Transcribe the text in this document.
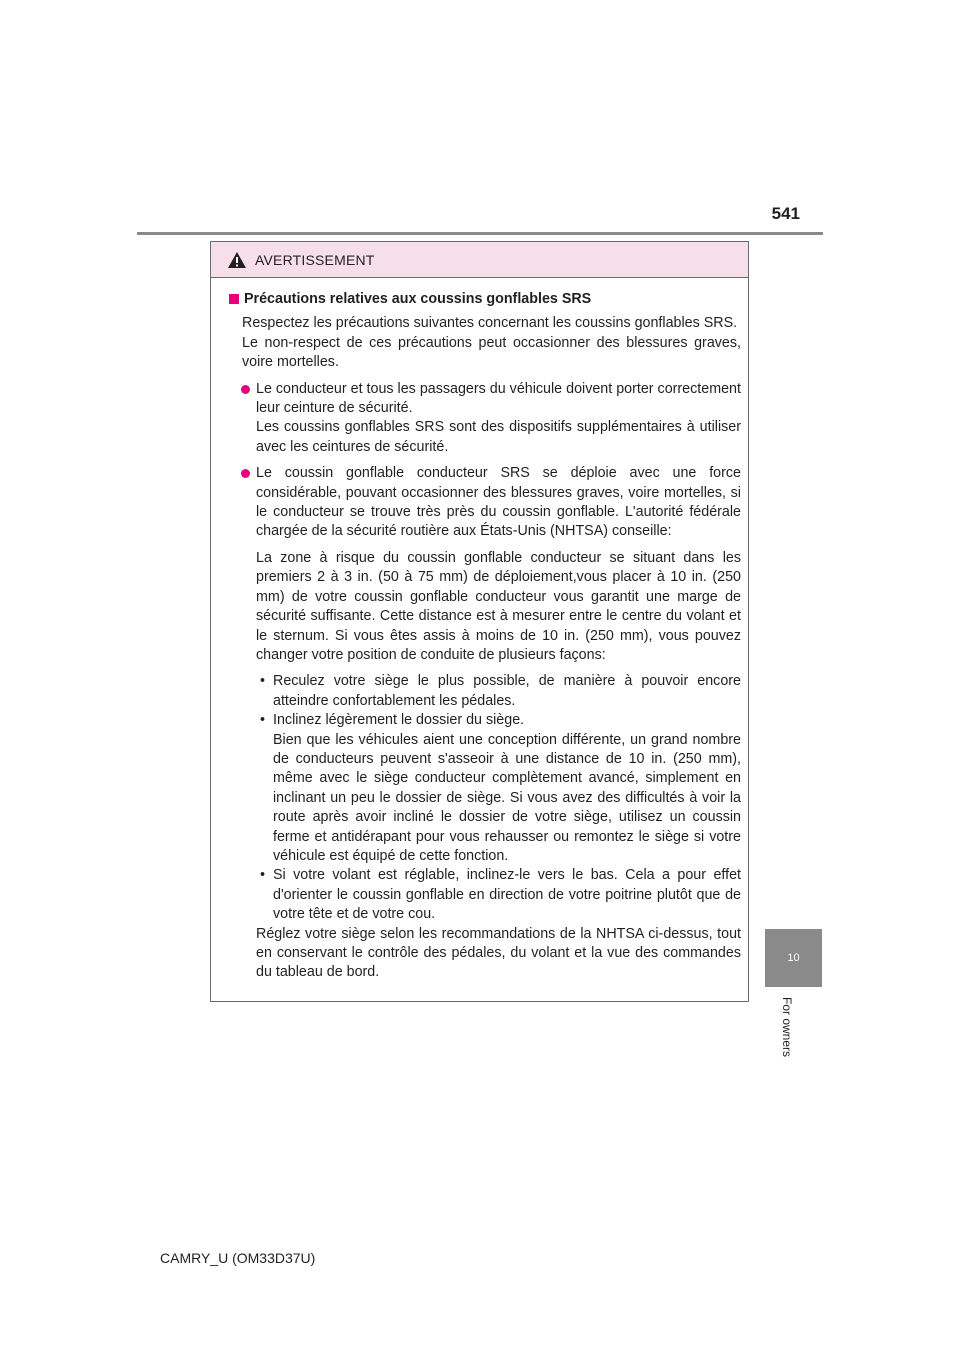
541
10
For owners
AVERTISSEMENT
Précautions relatives aux coussins gonflables SRS

Respectez les précautions suivantes concernant les coussins gonflables SRS.

Le non-respect de ces précautions peut occasionner des blessures graves, voire mortelles.

Le conducteur et tous les passagers du véhicule doivent porter correctement leur ceinture de sécurité.

Les coussins gonflables SRS sont des dispositifs supplémentaires à utiliser avec les ceintures de sécurité.

Le coussin gonflable conducteur SRS se déploie avec une force considérable, pouvant occasionner des blessures graves, voire mortelles, si le conducteur se trouve très près du coussin gonflable. L'autorité fédérale chargée de la sécurité routière aux États-Unis (NHTSA) conseille:

La zone à risque du coussin gonflable conducteur se situant dans les premiers 2 à 3 in. (50 à 75 mm) de déploiement,vous placer à 10 in. (250 mm) de votre coussin gonflable conducteur vous garantit une marge de sécurité suffisante. Cette distance est à mesurer entre le centre du volant et le sternum. Si vous êtes assis à moins de 10 in. (250 mm), vous pouvez changer votre position de conduite de plusieurs façons:

• Reculez votre siège le plus possible, de manière à pouvoir encore atteindre confortablement les pédales.

• Inclinez légèrement le dossier du siège.

Bien que les véhicules aient une conception différente, un grand nombre de conducteurs peuvent s'asseoir à une distance de 10 in. (250 mm), même avec le siège conducteur complètement avancé, simplement en inclinant un peu le dossier de siège. Si vous avez des difficultés à voir la route après avoir incliné le dossier de votre siège, utilisez un coussin ferme et antidérapant pour vous rehausser ou remontez le siège si votre véhicule est équipé de cette fonction.

• Si votre volant est réglable, inclinez-le vers le bas. Cela a pour effet d'orienter le coussin gonflable en direction de votre poitrine plutôt que de votre tête et de votre cou.

Réglez votre siège selon les recommandations de la NHTSA ci-dessus, tout en conservant le contrôle des pédales, du volant et la vue des commandes du tableau de bord.

CAMRY_U (OM33D37U)
